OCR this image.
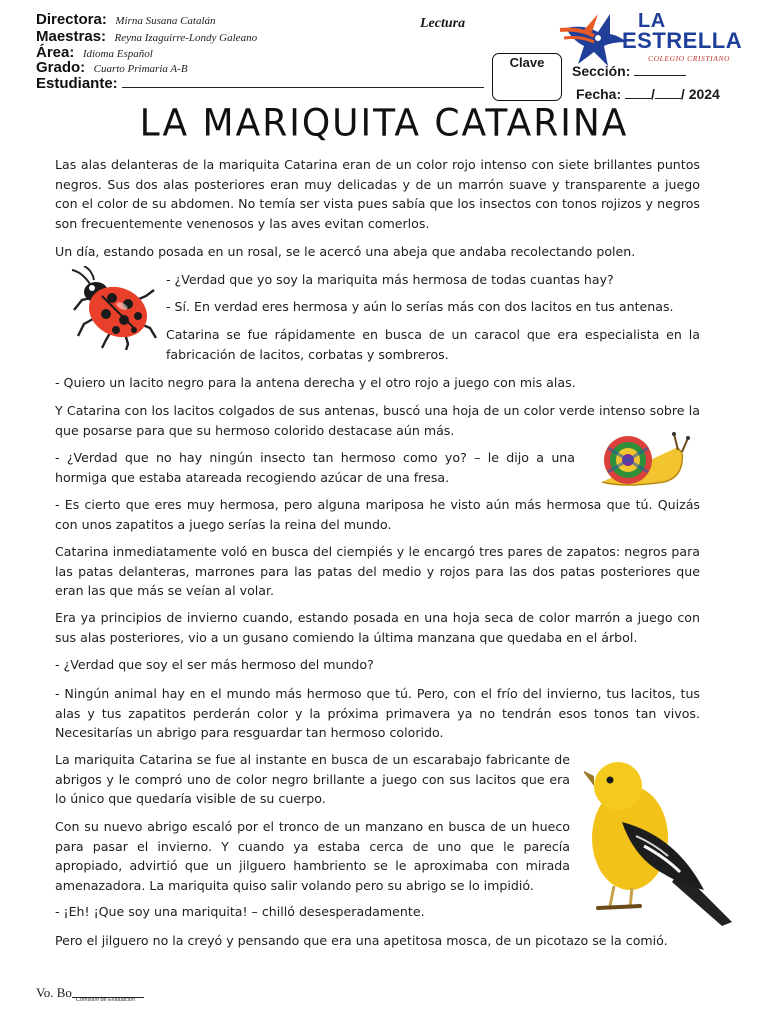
Directora: Mirna Susana Catalán
Maestras: Reyna Izaguirre-Londy Galeano
Área: Idioma Español
Grado: Cuarto Primaria A-B
Estudiante:
Lectura
Clave
Sección:
Fecha: / / 2024
LA
ESTRELLA
COLEGIO CRISTIANO
LA MARIQUITA CATARINA

Las alas delanteras de la mariquita Catarina eran de un color rojo intenso con siete brillantes puntos negros. Sus dos alas posteriores eran muy delicadas y de un marrón suave y transparente a juego con el color de su abdomen. No temía ser vista pues sabía que los insectos con tonos rojizos y negros son frecuentemente venenosos y las aves evitan comerlos.

Un día, estando posada en un rosal, se le acercó una abeja que andaba recolectando polen.

- ¿Verdad que yo soy la mariquita más hermosa de todas cuantas hay?

- Sí. En verdad eres hermosa y aún lo serías más con dos lacitos en tus antenas.

Catarina se fue rápidamente en busca de un caracol que era especialista en la fabricación de lacitos, corbatas y sombreros.

- Quiero un lacito negro para la antena derecha y el otro rojo a juego con mis alas.

Y Catarina con los lacitos colgados de sus antenas, buscó una hoja de un color verde intenso sobre la que posarse para que su hermoso colorido destacase aún más.

- ¿Verdad que no hay ningún insecto tan hermoso como yo? – le dijo a una hormiga que estaba atareada recogiendo azúcar de una fresa.

- Es cierto que eres muy hermosa, pero alguna mariposa he visto aún más hermosa que tú. Quizás con unos zapatitos a juego serías la reina del mundo.

Catarina inmediatamente voló en busca del ciempiés y le encargó tres pares de zapatos: negros para las patas delanteras, marrones para las patas del medio y rojos para las dos patas posteriores que eran las que más se veían al volar.

Era ya principios de invierno cuando, estando posada en una hoja seca de color marrón a juego con sus alas posteriores, vio a un gusano comiendo la última manzana que quedaba en el árbol.

- ¿Verdad que soy el ser más hermoso del mundo?

- Ningún animal hay en el mundo más hermoso que tú. Pero, con el frío del invierno, tus lacitos, tus alas y tus zapatitos perderán color y la próxima primavera ya no tendrán esos tonos tan vivos. Necesitarías un abrigo para resguardar tan hermoso colorido.

La mariquita Catarina se fue al instante en busca de un escarabajo fabricante de abrigos y le compró uno de color negro brillante a juego con sus lacitos que era lo único que quedaría visible de su cuerpo.

Con su nuevo abrigo escaló por el tronco de un manzano en busca de un hueco para pasar el invierno. Y cuando ya estaba cerca de uno que le parecía apropiado, advirtió que un jilguero hambriento se le aproximaba con mirada amenazadora. La mariquita quiso salir volando pero su abrigo se lo impidió.

- ¡Eh! ¡Que soy una mariquita! – chilló desesperadamente.

Pero el jilguero no la creyó y pensando que era una apetitosa mosca, de un picotazo se la comió.

Vo. Bo Comisión de Evaluación
